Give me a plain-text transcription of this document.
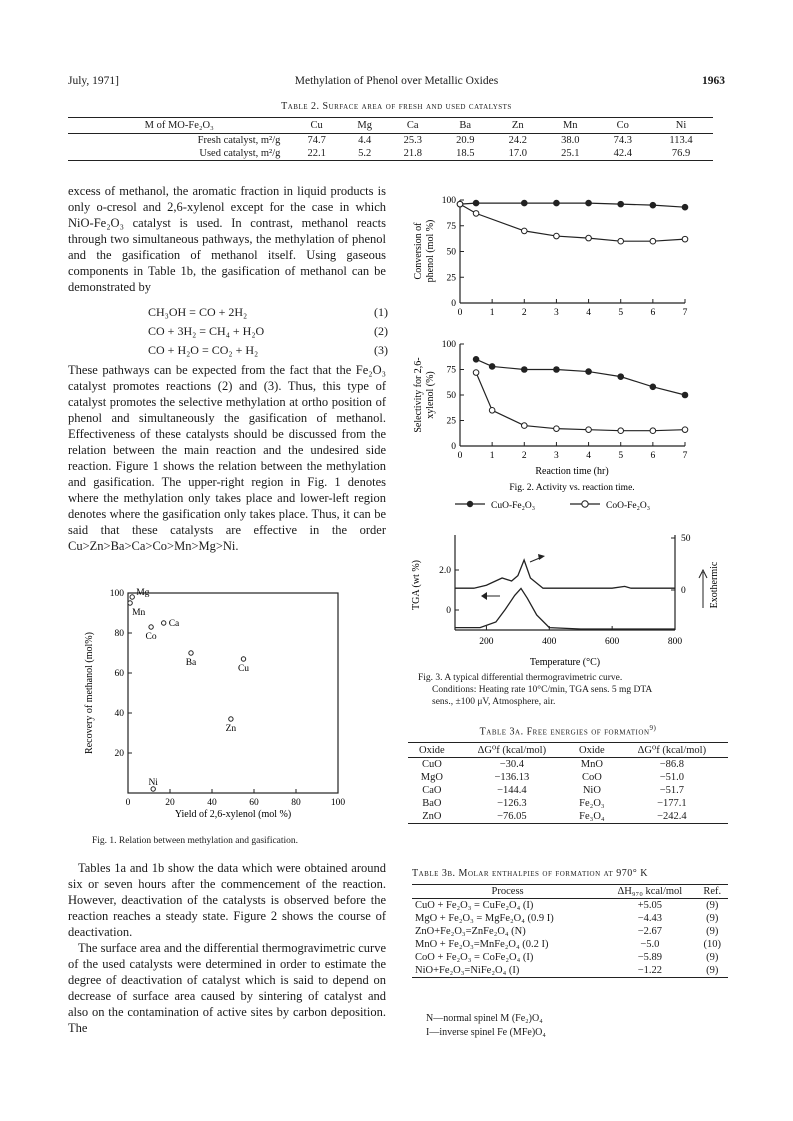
July, 1971]	Methylation of Phenol over Metallic Oxides	1963
Table 2. Surface area of fresh and used catalysts
M of MO-Fe₂O₃	Cu	Mg	Ca	Ba	Zn	Mn	Co	Ni
Fresh catalyst, m²/g	74.7	4.4	25.3	20.9	24.2	38.0	74.3	113.4
Used catalyst, m²/g	22.1	5.2	21.8	18.5	17.0	25.1	42.4	76.9

excess of methanol, the aromatic fraction in liquid products is only o-cresol and 2,6-xylenol except for the case in which NiO-Fe₂O₃ catalyst is used. In contrast, methanol reacts through two simultaneous pathways, the methylation of phenol and the gasification of methanol itself. Using gaseous components in Table 1b, the gasification of methanol can be demonstrated by

CH₃OH = CO + 2H₂	(1)
CO + 3H₂ = CH₄ + H₂O	(2)
CO + H₂O = CO₂ + H₂	(3)

These pathways can be expected from the fact that the Fe₂O₃ catalyst promotes reactions (2) and (3). Thus, this type of catalyst promotes the selective methylation at ortho position of phenol and simultaneously the gasification of methanol. Effectiveness of these catalysts should be discussed from the relation between the main reaction and the undesired side reaction. Figure 1 shows the relation between the methylation and gasification. The upper-right region in Fig. 1 denotes where the methylation only takes place and lower-left region denotes where the gasification only takes place. Thus, it can be said that these catalysts are effective in the order Cu>Zn>Ba>Ca>Co>Mn>Mg>Ni.

0	20	40	60	80	100
20
40
60
80
100 Mg
Mn
Ca
Co
Ba
Cu
Zn
Ni
Yield of 2,6-xylenol (mol %)
Recovery of methanol (mol%)
Fig. 1. Relation between methylation and gasification.

Tables 1a and 1b show the data which were obtained around six or seven hours after the commencement of the reaction. However, deactivation of the catalysts is observed before the reaction reaches a steady state. Figure 2 shows the course of deactivation.

The surface area and the differential thermogravimetric curve of the used catalysts were determined in order to estimate the degree of deactivation of catalyst which is said to depend on decrease of surface area caused by sintering of catalyst and also on the contamination of active sites by carbon deposition. The

0
25
50
75
100
0	1	2	3	4	5	6	7
0
25
50
75
100
0	1	2	3	4	5	6	7
Conversion of phenol (mol %)
Selectivity for 2,6- xylenol (%)
Reaction time (hr)
Fig. 2. Activity vs. reaction time.
CuO-Fe₂O₃	CoO-Fe₂O₃
200	400	600	800
0
2.0
50
0
TGA (wt %)	Exothermic
Temperature (°C)
Fig. 3. A typical differential thermogravimetric curve.
Conditions: Heating rate 10°C/min, TGA sens. 5 mg DTA
sens., ±100 μV, Atmosphere, air.
Table 3a. Free energies of formation$^{9)}$
Oxide	ΔG⁰f (kcal/mol)	Oxide	ΔG⁰f (kcal/mol)
CuO	−30.4	MnO	−86.8
MgO	−136.13	CoO	−51.0
CaO	−144.4	NiO	−51.7
BaO	−126.3	Fe₂O₃	−177.1
ZnO	−76.05	Fe₃O₄	−242.4
Table 3b. Molar enthalpies of formation at 970° K
Process	ΔH₉₇₀ kcal/mol	Ref.
CuO + Fe₂O₃ = CuFe₂O₄ (I)	+5.05	(9)
MgO + Fe₂O₃ = MgFe₂O₄ (0.9 I)	−4.43	(9)
ZnO+Fe₂O₃=ZnFe₂O₄ (N)	−2.67	(9)
MnO + Fe₂O₃=MnFe₂O₄ (0.2 I)	−5.0	(10)
CoO + Fe₂O₃ = CoFe₂O₄ (I)	−5.89	(9)
NiO+Fe₂O₃=NiFe₂O₄ (I)	−1.22	(9)
N—normal spinel M (Fe₂)O₄
I—inverse spinel Fe (MFe)O₄
